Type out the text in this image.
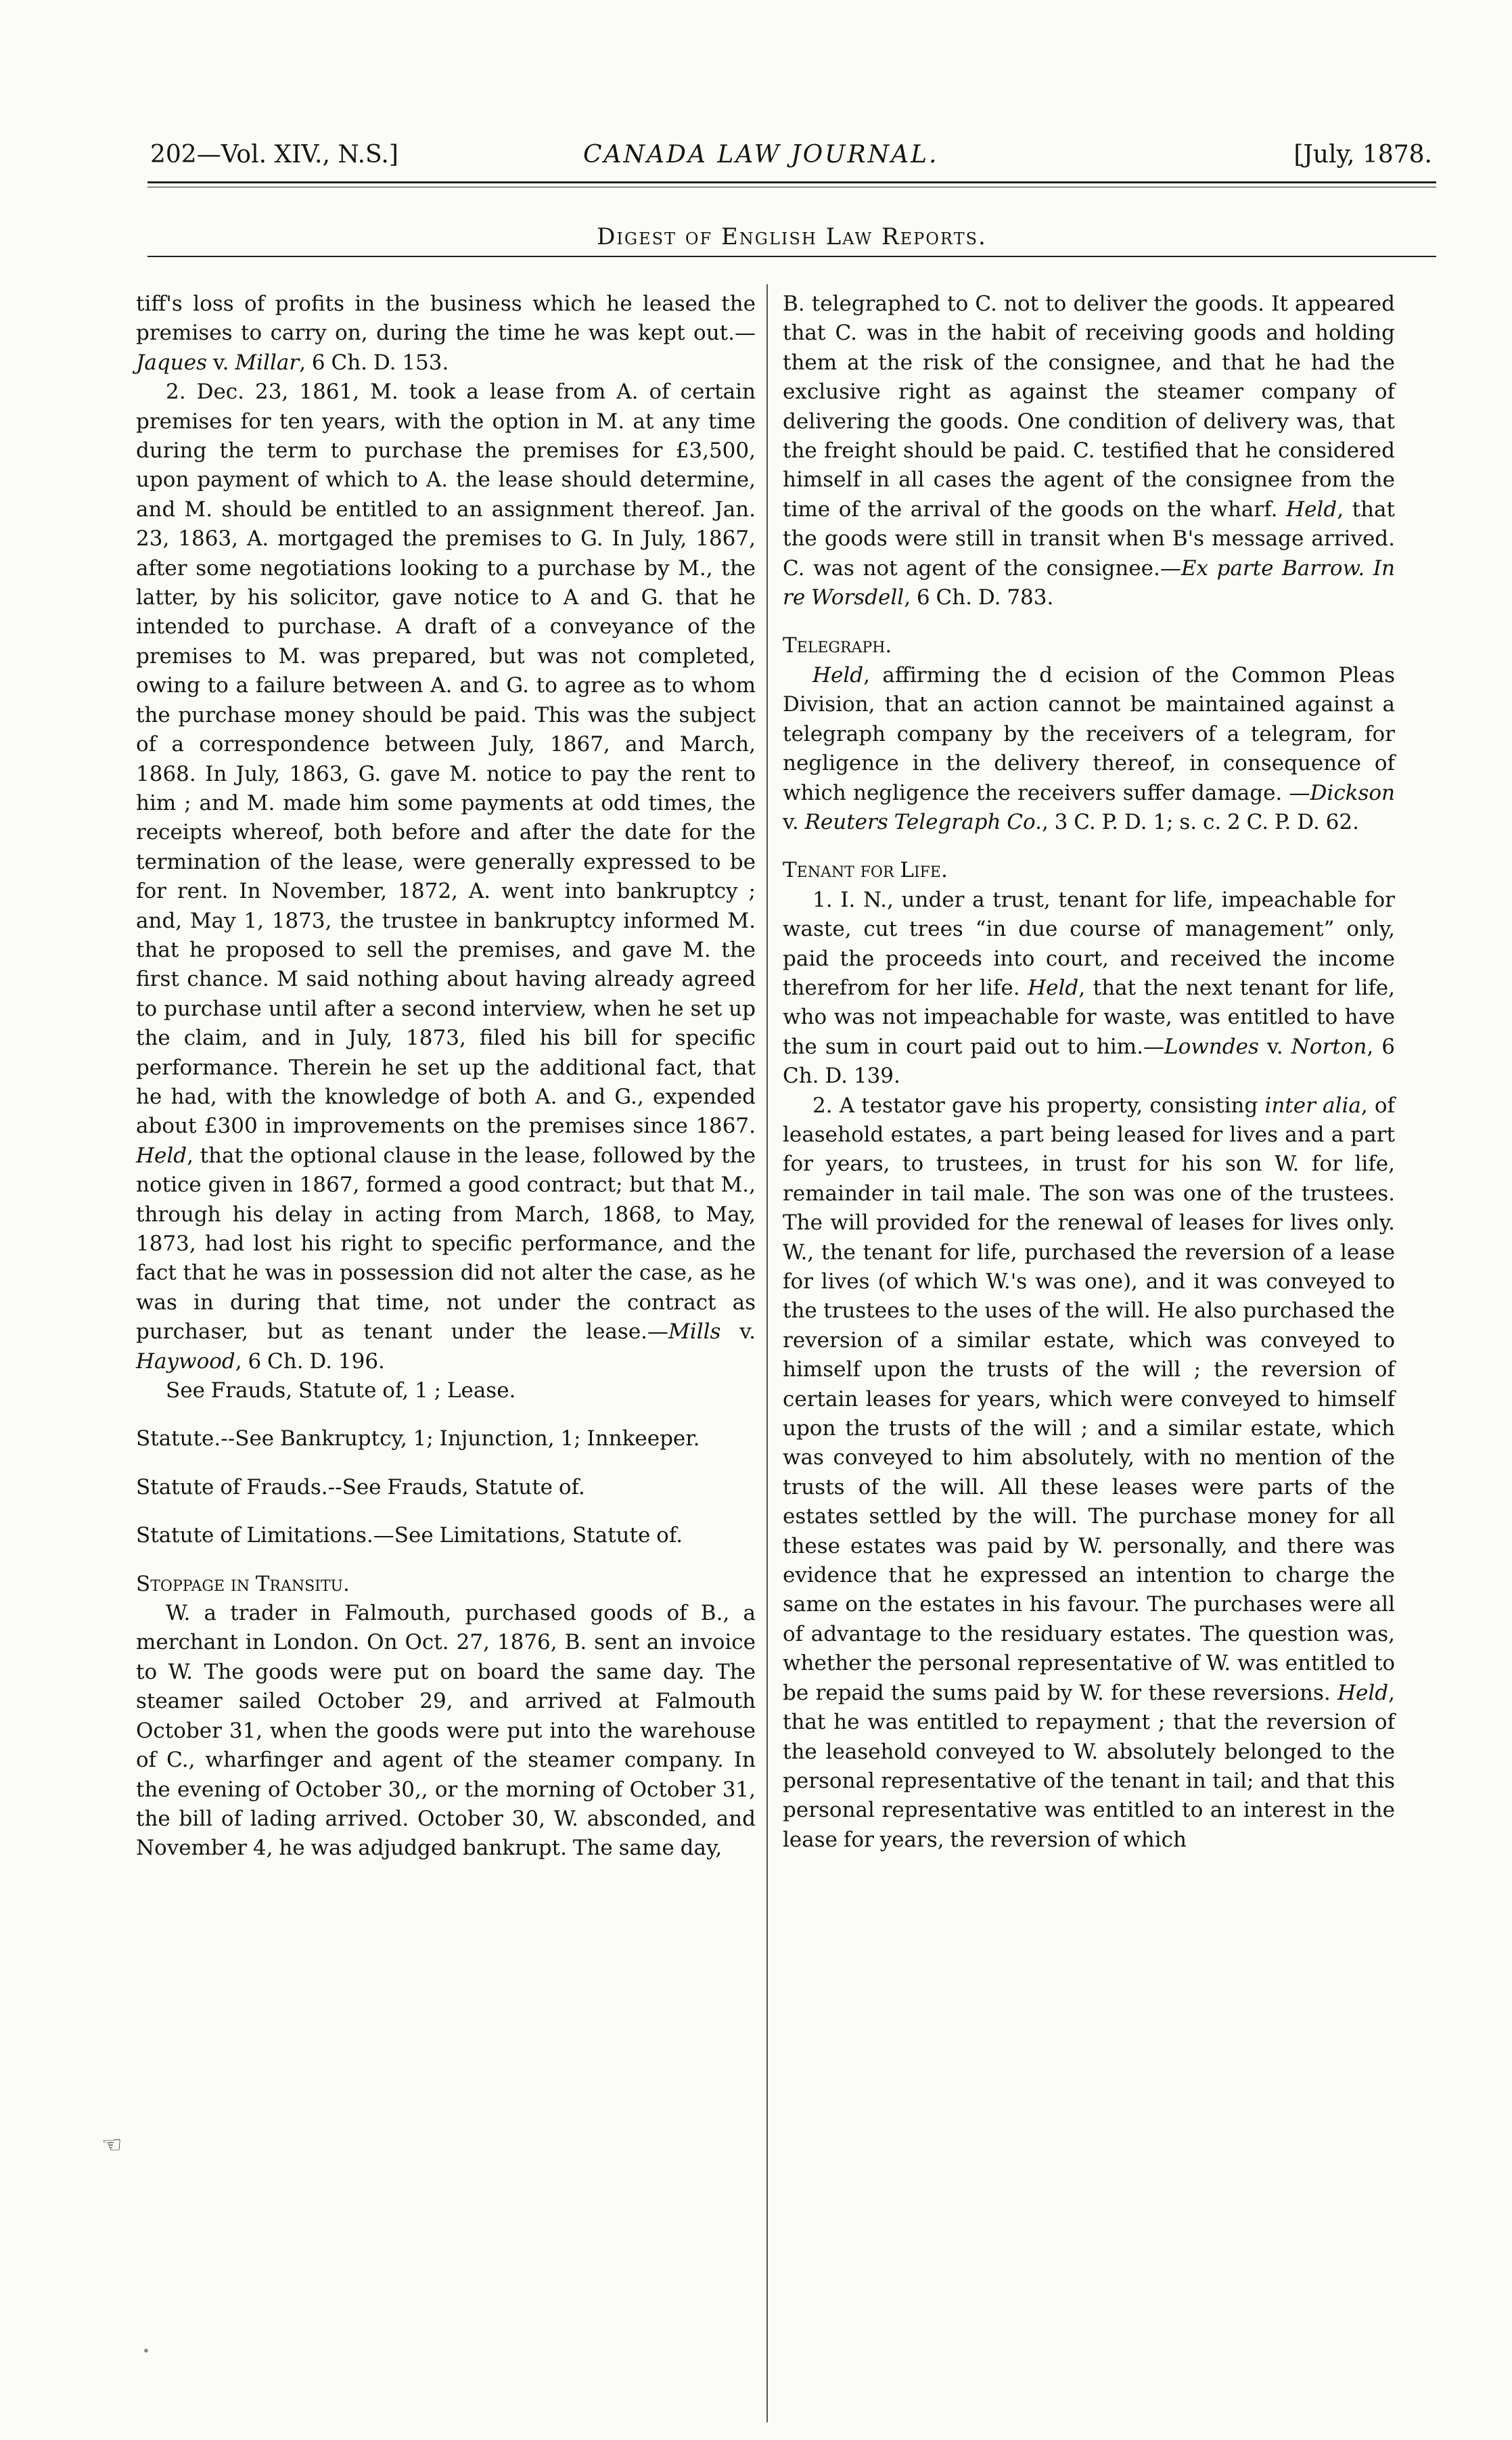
202—Vol. XIV., N.S.]	CANADA LAW JOURNAL.	[July, 1878.
Digest of English Law Reports.

tiff's loss of profits in the business which he leased the premises to carry on, during the time he was kept out.—Jaques v. Millar, 6 Ch. D. 153.

2. Dec. 23, 1861, M. took a lease from A. of certain premises for ten years, with the option in M. at any time during the term to purchase the premises for £3,500, upon payment of which to A. the lease should determine, and M. should be entitled to an assignment thereof. Jan. 23, 1863, A. mortgaged the premises to G. In July, 1867, after some negotiations looking to a purchase by M., the latter, by his solicitor, gave notice to A and G. that he intended to purchase. A draft of a conveyance of the premises to M. was prepared, but was not completed, owing to a failure between A. and G. to agree as to whom the purchase money should be paid. This was the subject of a correspondence between July, 1867, and March, 1868. In July, 1863, G. gave M. notice to pay the rent to him ; and M. made him some payments at odd times, the receipts whereof, both before and after the date for the termination of the lease, were generally expressed to be for rent. In November, 1872, A. went into bankruptcy ; and, May 1, 1873, the trustee in bankruptcy informed M. that he proposed to sell the premises, and gave M. the first chance. M said nothing about having already agreed to purchase until after a second interview, when he set up the claim, and in July, 1873, filed his bill for specific performance. Therein he set up the additional fact, that he had, with the knowledge of both A. and G., expended about £300 in improvements on the premises since 1867. Held, that the optional clause in the lease, followed by the notice given in 1867, formed a good contract; but that M., through his delay in acting from March, 1868, to May, 1873, had lost his right to specific performance, and the fact that he was in possession did not alter the case, as he was in during that time, not under the contract as purchaser, but as tenant under the lease.—Mills v. Haywood, 6 Ch. D. 196.

See Frauds, Statute of, 1 ; Lease.

Statute.--See Bankruptcy, 1; Injunction, 1; Innkeeper.

Statute of Frauds.--See Frauds, Statute of.

Statute of Limitations.—See Limitations, Statute of.

Stoppage in Transitu.

W. a trader in Falmouth, purchased goods of B., a merchant in London. On Oct. 27, 1876, B. sent an invoice to W. The goods were put on board the same day. The steamer sailed October 29, and arrived at Falmouth October 31, when the goods were put into the warehouse of C., wharfinger and agent of the steamer company. In the evening of October 30,, or the morning of October 31, the bill of lading arrived. October 30, W. absconded, and November 4, he was adjudged bankrupt. The same day,

B. telegraphed to C. not to deliver the goods. It appeared that C. was in the habit of receiving goods and holding them at the risk of the consignee, and that he had the exclusive right as against the steamer company of delivering the goods. One condition of delivery was, that the freight should be paid. C. testified that he considered himself in all cases the agent of the consignee from the time of the arrival of the goods on the wharf. Held, that the goods were still in transit when B's message arrived. C. was not agent of the consignee.—Ex parte Barrow. In re Worsdell, 6 Ch. D. 783.

Telegraph.

Held, affirming the d ecision of the Common Pleas Division, that an action cannot be maintained against a telegraph company by the receivers of a telegram, for negligence in the delivery thereof, in consequence of which negligence the receivers suffer damage. —Dickson v. Reuters Telegraph Co., 3 C. P. D. 1; s. c. 2 C. P. D. 62.

Tenant for Life.

1. I. N., under a trust, tenant for life, impeachable for waste, cut trees “in due course of management” only, paid the proceeds into court, and received the income therefrom for her life. Held, that the next tenant for life, who was not impeachable for waste, was entitled to have the sum in court paid out to him.—Lowndes v. Norton, 6 Ch. D. 139.

2. A testator gave his property, consisting inter alia, of leasehold estates, a part being leased for lives and a part for years, to trustees, in trust for his son W. for life, remainder in tail male. The son was one of the trustees. The will provided for the renewal of leases for lives only. W., the tenant for life, purchased the reversion of a lease for lives (of which W.'s was one), and it was conveyed to the trustees to the uses of the will. He also purchased the reversion of a similar estate, which was conveyed to himself upon the trusts of the will ; the reversion of certain leases for years, which were conveyed to himself upon the trusts of the will ; and a similar estate, which was conveyed to him absolutely, with no mention of the trusts of the will. All these leases were parts of the estates settled by the will. The purchase money for all these estates was paid by W. personally, and there was evidence that he expressed an intention to charge the same on the estates in his favour. The purchases were all of advantage to the residuary estates. The question was, whether the personal representative of W. was entitled to be repaid the sums paid by W. for these reversions. Held, that he was entitled to repayment ; that the reversion of the leasehold conveyed to W. absolutely belonged to the personal representative of the tenant in tail; and that this personal representative was entitled to an interest in the lease for years, the reversion of which

☜
•
